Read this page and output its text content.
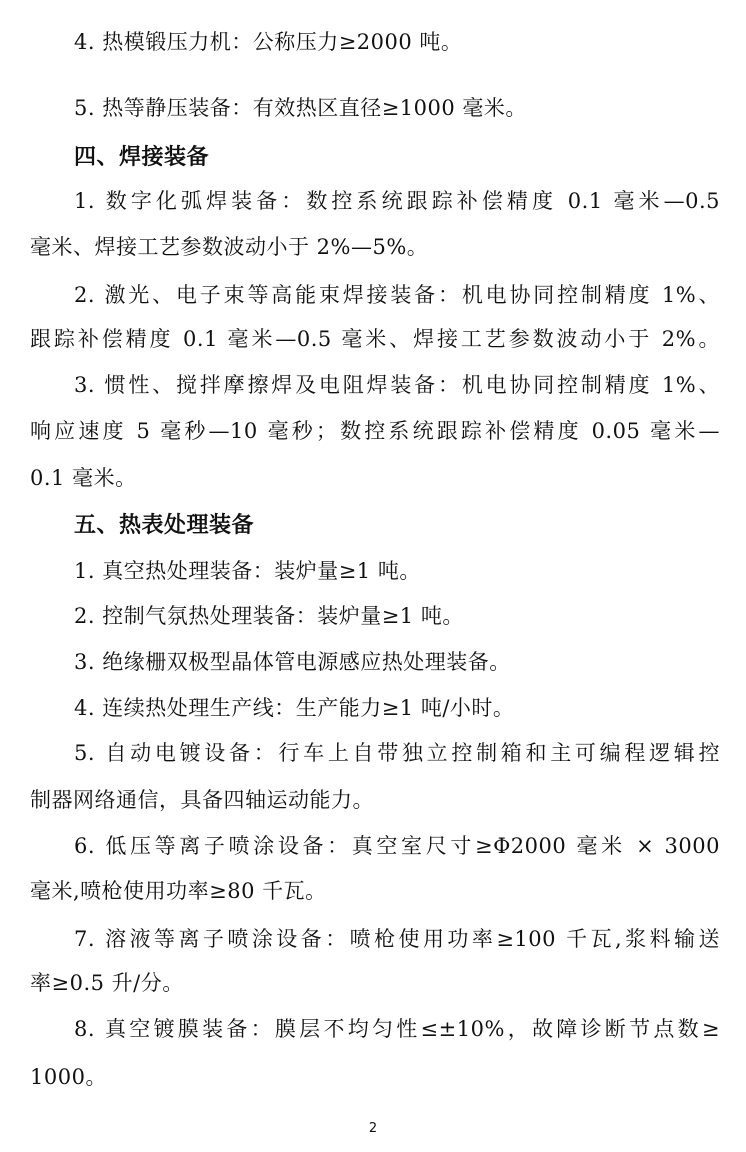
4. 热模锻压力机：公称压力≥2000 吨。
5. 热等静压装备：有效热区直径≥1000 毫米。
四、焊接装备
1. 数字化弧焊装备：数控系统跟踪补偿精度 0.1 毫米—0.5
毫米、焊接工艺参数波动小于 2%—5%。
2. 激光、电子束等高能束焊接装备：机电协同控制精度 1%、
跟踪补偿精度 0.1 毫米—0.5 毫米、焊接工艺参数波动小于 2%。
3. 惯性、搅拌摩擦焊及电阻焊装备：机电协同控制精度 1%、
响应速度 5 毫秒—10 毫秒；数控系统跟踪补偿精度 0.05 毫米—
0.1 毫米。
五、热表处理装备
1. 真空热处理装备：装炉量≥1 吨。
2. 控制气氛热处理装备：装炉量≥1 吨。
3. 绝缘栅双极型晶体管电源感应热处理装备。
4. 连续热处理生产线：生产能力≥1 吨/小时。
5. 自动电镀设备：行车上自带独立控制箱和主可编程逻辑控
制器网络通信，具备四轴运动能力。
6. 低压等离子喷涂设备：真空室尺寸≥Φ2000 毫米 × 3000
毫米,喷枪使用功率≥80 千瓦。
7. 溶液等离子喷涂设备：喷枪使用功率≥100 千瓦,浆料输送
率≥0.5 升/分。
8. 真空镀膜装备：膜层不均匀性≤±10%，故障诊断节点数≥
1000。
2
